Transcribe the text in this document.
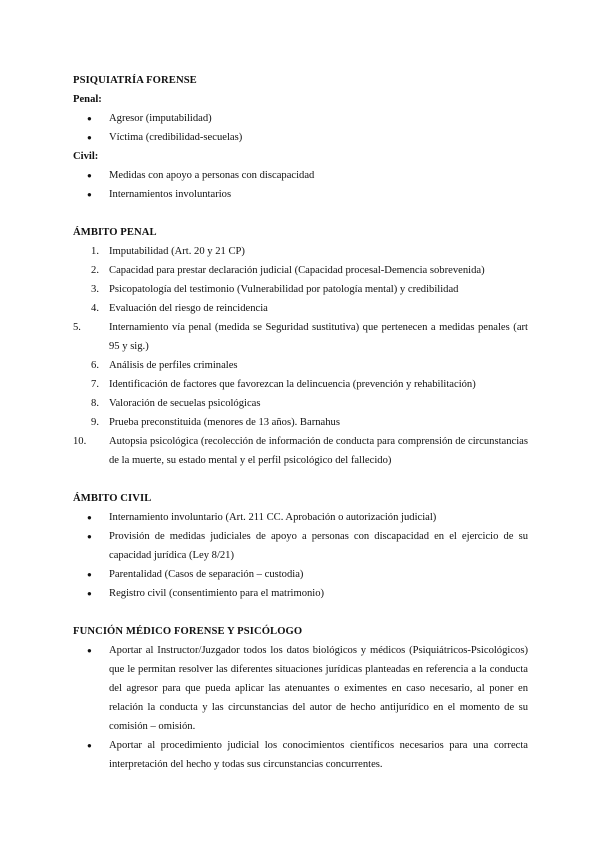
PSIQUIATRÍA FORENSE
Penal:
● Agresor (imputabilidad)
● Víctima (credibilidad-secuelas)
Civil:
● Medidas con apoyo a personas con discapacidad
● Internamientos involuntarios
ÁMBITO PENAL
1. Imputabilidad (Art. 20 y 21 CP)
2. Capacidad para prestar declaración judicial (Capacidad procesal-Demencia sobrevenida)
3. Psicopatología del testimonio (Vulnerabilidad por patología mental) y credibilidad
4. Evaluación del riesgo de reincidencia
5.	Internamiento vía penal (medida se Seguridad sustitutiva) que pertenecen a medidas penales (art 95 y sig.)
6. Análisis de perfiles criminales
7. Identificación de factores que favorezcan la delincuencia (prevención y rehabilitación)
8. Valoración de secuelas psicológicas
9. Prueba preconstituida (menores de 13 años). Barnahus
10.	Autopsia psicológica (recolección de información de conducta para comprensión de circunstancias de la muerte, su estado mental y el perfil psicológico del fallecido)
ÁMBITO CIVIL
● Internamiento involuntario (Art. 211 CC. Aprobación o autorización judicial)
● Provisión de medidas judiciales de apoyo a personas con discapacidad en el ejercicio de su capacidad jurídica (Ley 8/21)
● Parentalidad (Casos de separación – custodia)
● Registro civil (consentimiento para el matrimonio)
FUNCIÓN MÉDICO FORENSE Y PSICÓLOGO
● Aportar al Instructor/Juzgador todos los datos biológicos y médicos (Psiquiátricos-Psicológicos) que le permitan resolver las diferentes situaciones jurídicas planteadas en referencia a la conducta del agresor para que pueda aplicar las atenuantes o eximentes en caso necesario, al poner en relación la conducta y las circunstancias del autor de hecho antijurídico en el momento de su comisión – omisión.
● Aportar al procedimiento judicial los conocimientos científicos necesarios para una correcta interpretación del hecho y todas sus circunstancias concurrentes.
